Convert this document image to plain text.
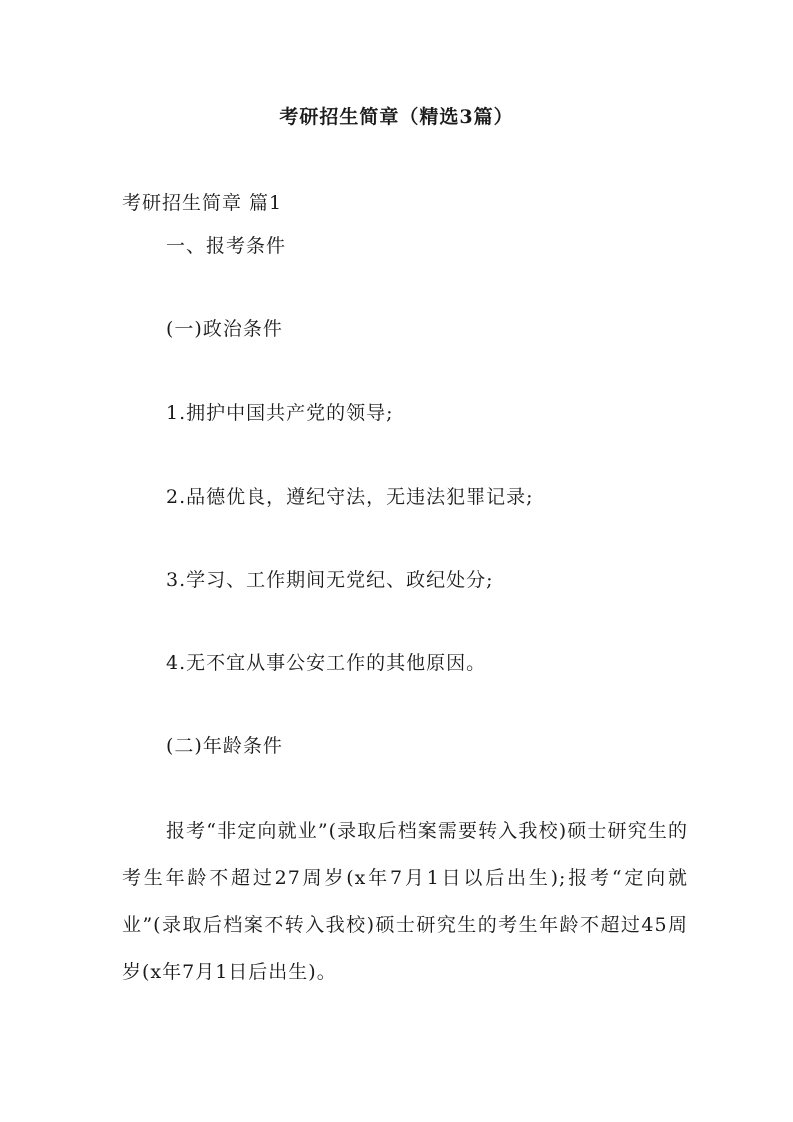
考研招生简章（精选3篇）
考研招生简章 篇1
一、报考条件
(一)政治条件
1.拥护中国共产党的领导;
2.品德优良，遵纪守法，无违法犯罪记录;
3.学习、工作期间无党纪、政纪处分;
4.无不宜从事公安工作的其他原因。
(二)年龄条件
报考“非定向就业”(录取后档案需要转入我校)硕士研究生的考生年龄不超过27周岁(x年7月1日以后出生);报考“定向就业”(录取后档案不转入我校)硕士研究生的考生年龄不超过45周岁(x年7月1日后出生)。
